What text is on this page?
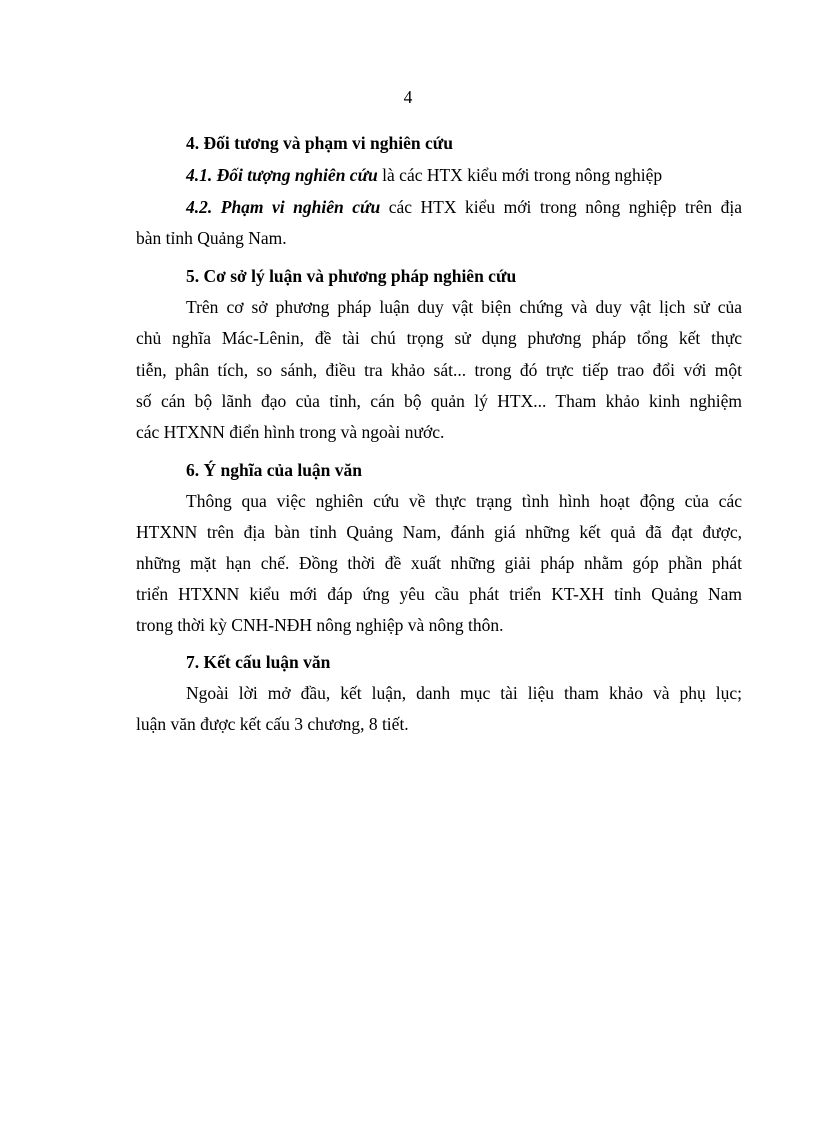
4
4. Đối tương và phạm vi nghiên cứu
4.1. Đối tượng nghiên cứu là các HTX kiểu mới trong nông nghiệp
4.2. Phạm vi nghiên cứu các HTX kiểu mới trong nông nghiệp trên địa
bàn tỉnh Quảng Nam.
5. Cơ sở lý luận và phương pháp nghiên cứu
Trên cơ sở phương pháp luận duy vật biện chứng và duy vật lịch sử của
chủ nghĩa Mác-Lênin, đề tài chú trọng sử dụng phương pháp tổng kết thực
tiễn, phân tích, so sánh, điều tra khảo sát... trong đó trực tiếp trao đổi với một
số cán bộ lãnh đạo của tỉnh, cán bộ quản lý HTX... Tham khảo kinh nghiệm
các HTXNN điển hình trong và ngoài nước.
6. Ý nghĩa của luận văn
Thông qua việc nghiên cứu về thực trạng tình hình hoạt động của các
HTXNN trên địa bàn tỉnh Quảng Nam, đánh giá những kết quả đã đạt được,
những mặt hạn chế. Đồng thời đề xuất những giải pháp nhằm góp phần phát
triển HTXNN kiểu mới đáp ứng yêu cầu phát triển KT-XH tỉnh Quảng Nam
trong thời kỳ CNH-NĐH nông nghiệp và nông thôn.
7. Kết cấu luận văn
Ngoài lời mở đầu, kết luận, danh mục tài liệu tham khảo và phụ lục;
luận văn được kết cấu 3 chương, 8 tiết.
